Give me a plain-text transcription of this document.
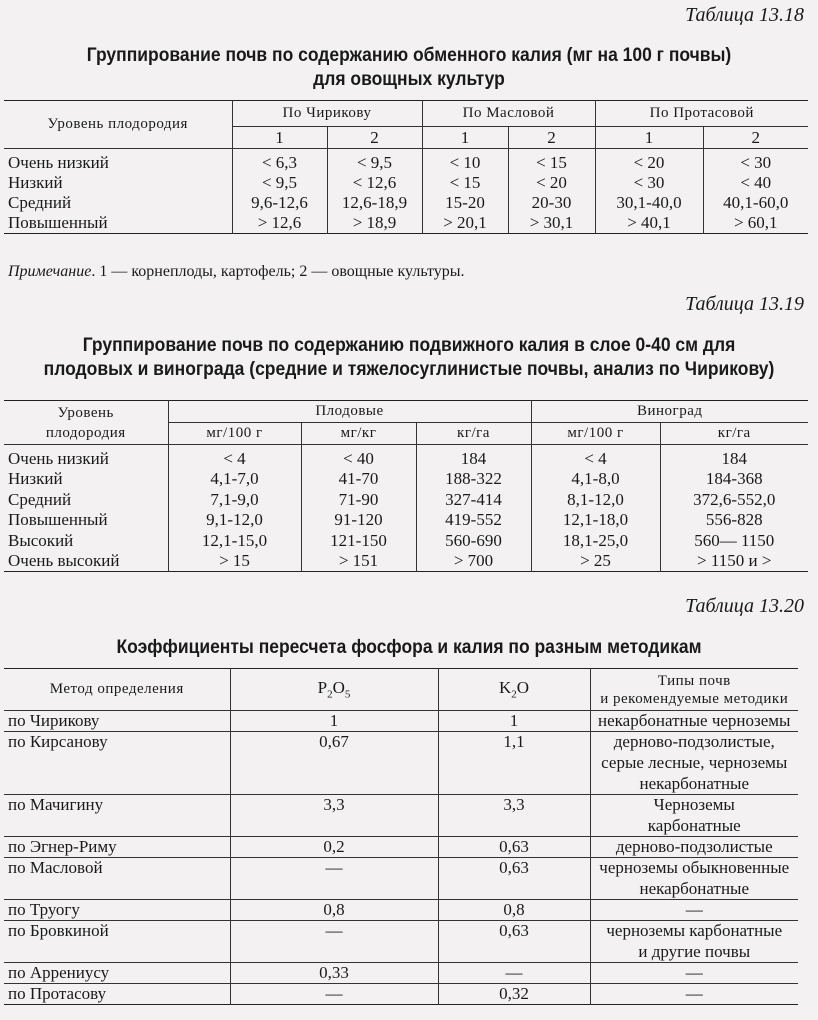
Таблица 13.18
Группирование почв по содержанию обменного калия (мг на 100 г почвы)
для овощных культур
Уровень плодородия	По Чирикову		По Масловой		По Протасовой	
	1	2	1	2	1	2
Очень низкий	< 6,3	< 9,5	< 10	< 15	< 20	< 30
Низкий	< 9,5	< 12,6	< 15	< 20	< 30	< 40
Средний	9,6-12,6	12,6-18,9	15-20	20-30	30,1-40,0	40,1-60,0
Повышенный	> 12,6	> 18,9	> 20,1	> 30,1	> 40,1	> 60,1
Примечание. 1 — корнеплоды, картофель; 2 — овощные культуры.
Таблица 13.19
Группирование почв по содержанию подвижного калия в слое 0-40 см для
плодовых и винограда (средние и тяжелосуглинистые почвы, анализ по Чирикову)
Уровень
плодородия	Плодовые			Виноград	
	мг/100 г	мг/кг	кг/га	мг/100 г	кг/га
Очень низкий	< 4	< 40	184	< 4	184
Низкий	4,1-7,0	41-70	188-322	4,1-8,0	184-368
Средний	7,1-9,0	71-90	327-414	8,1-12,0	372,6-552,0
Повышенный	9,1-12,0	91-120	419-552	12,1-18,0	556-828
Высокий	12,1-15,0	121-150	560-690	18,1-25,0	560— 1150
Очень высокий	> 15	> 151	> 700	> 25	> 1150 и >
Таблица 13.20
Коэффициенты пересчета фосфора и калия по разным методикам
Метод определения	$P_2O_5$	$K_2O$	Типы почв
и рекомендуемые методики

по Чирикову	1	1	некарбонатные черноземы
по Кирсанову	0,67	1,1	дерново-подзолистые,
			серые лесные, черноземы
			некарбонатные
по Мачигину	3,3	3,3	Черноземы
			карбонатные
по Эгнер-Риму	0,2	0,63	дерново-подзолистые
по Масловой	—	0,63	черноземы обыкновенные
			некарбонатные
по Труогу	0,8	0,8	—
по Бровкиной	—	0,63	черноземы карбонатные
			и другие почвы
по Аррениусу	0,33	—	—
по Протасову	—	0,32	—
